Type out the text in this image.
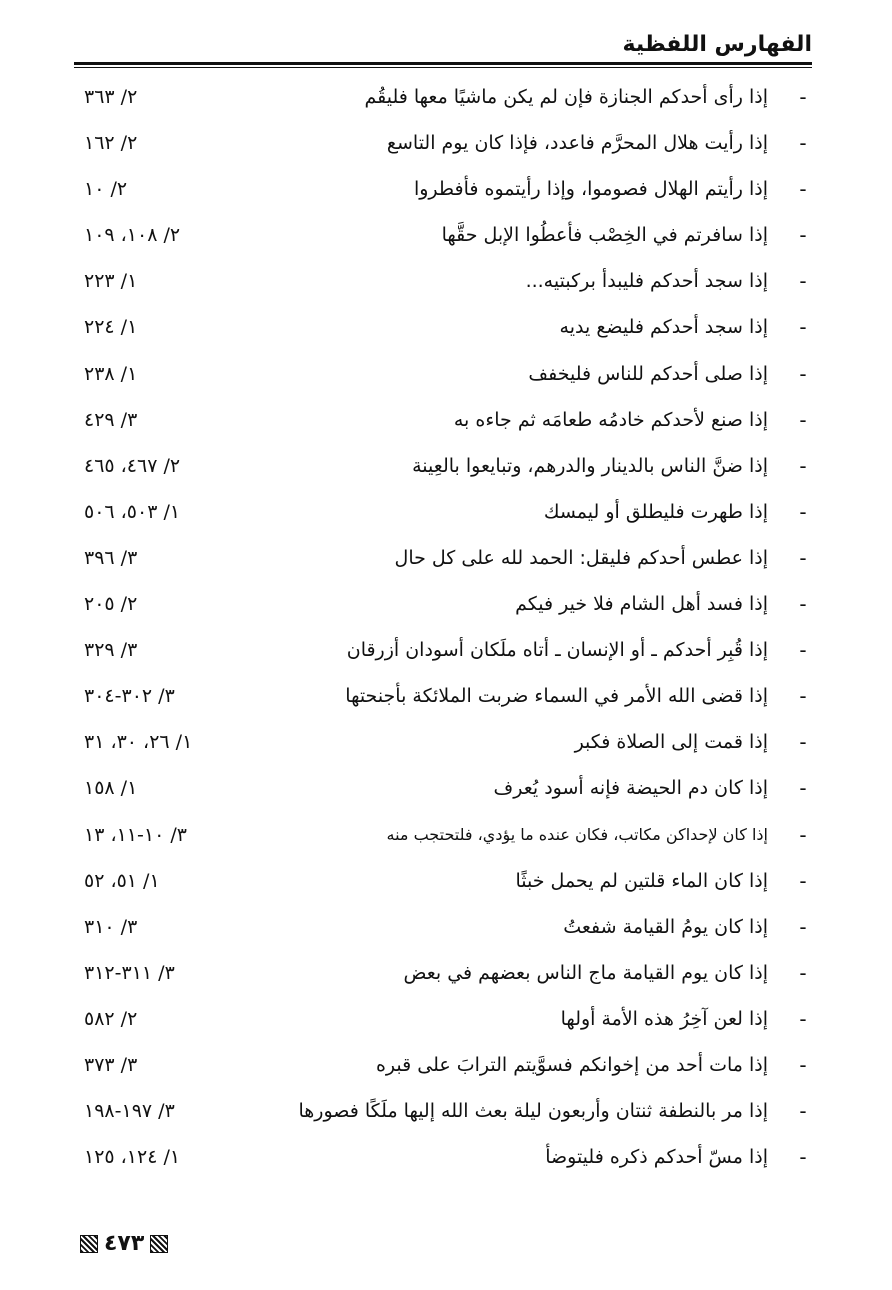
الفهارس اللفظية
-
إذا رأى أحدكم الجنازة فإن لم يكن ماشيًا معها فليقُم
٢/ ٣٦٣
-
إذا رأيت هلال المحرَّم فاعدد، فإذا كان يوم التاسع
٢/ ١٦٢
-
إذا رأيتم الهلال فصوموا، وإذا رأيتموه فأفطروا
٢/ ١٠
-
إذا سافرتم في الخِصْب فأعطُوا الإبل حقَّها
٢/ ١٠٨، ١٠٩
-
إذا سجد أحدكم فليبدأ بركبتيه...
١/ ٢٢٣
-
إذا سجد أحدكم فليضع يديه
١/ ٢٢٤
-
إذا صلى أحدكم للناس فليخفف
١/ ٢٣٨
-
إذا صنع لأحدكم خادمُه طعامَه ثم جاءه به
٣/ ٤٢٩
-
إذا ضنَّ الناس بالدينار والدرهم، وتبايعوا بالعِينة
٢/ ٤٦٧، ٤٦٥
-
إذا طهرت فليطلق أو ليمسك
١/ ٥٠٣، ٥٠٦
-
إذا عطس أحدكم فليقل: الحمد لله على كل حال
٣/ ٣٩٦
-
إذا فسد أهل الشام فلا خير فيكم
٢/ ٢٠٥
-
إذا قُبِر أحدكم ـ أو الإنسان ـ أتاه ملَكان أسودان أزرقان
٣/ ٣٢٩
-
إذا قضى الله الأمر في السماء ضربت الملائكة بأجنحتها
٣/ ٣٠٢-٣٠٤
-
إذا قمت إلى الصلاة فكبر
١/ ٢٦، ٣٠، ٣١
-
إذا كان دم الحيضة فإنه أسود يُعرف
١/ ١٥٨
-
إذا كان لإحداكن مكاتب، فكان عنده ما يؤدي، فلتحتجب منه
٣/ ١٠-١١، ١٣
-
إذا كان الماء قلتين لم يحمل خبثًا
١/ ٥١، ٥٢
-
إذا كان يومُ القيامة شفعتُ
٣/ ٣١٠
-
إذا كان يوم القيامة ماج الناس بعضهم في بعض
٣/ ٣١١-٣١٢
-
إذا لعن آخِرُ هذه الأمة أولها
٢/ ٥٨٢
-
إذا مات أحد من إخوانكم فسوَّيتم الترابَ على قبره
٣/ ٣٧٣
-
إذا مر بالنطفة ثنتان وأربعون ليلة بعث الله إليها ملَكًا فصورها
٣/ ١٩٧-١٩٨
-
إذا مسّ أحدكم ذكره فليتوضأ
١/ ١٢٤، ١٢٥
٤٧٣
